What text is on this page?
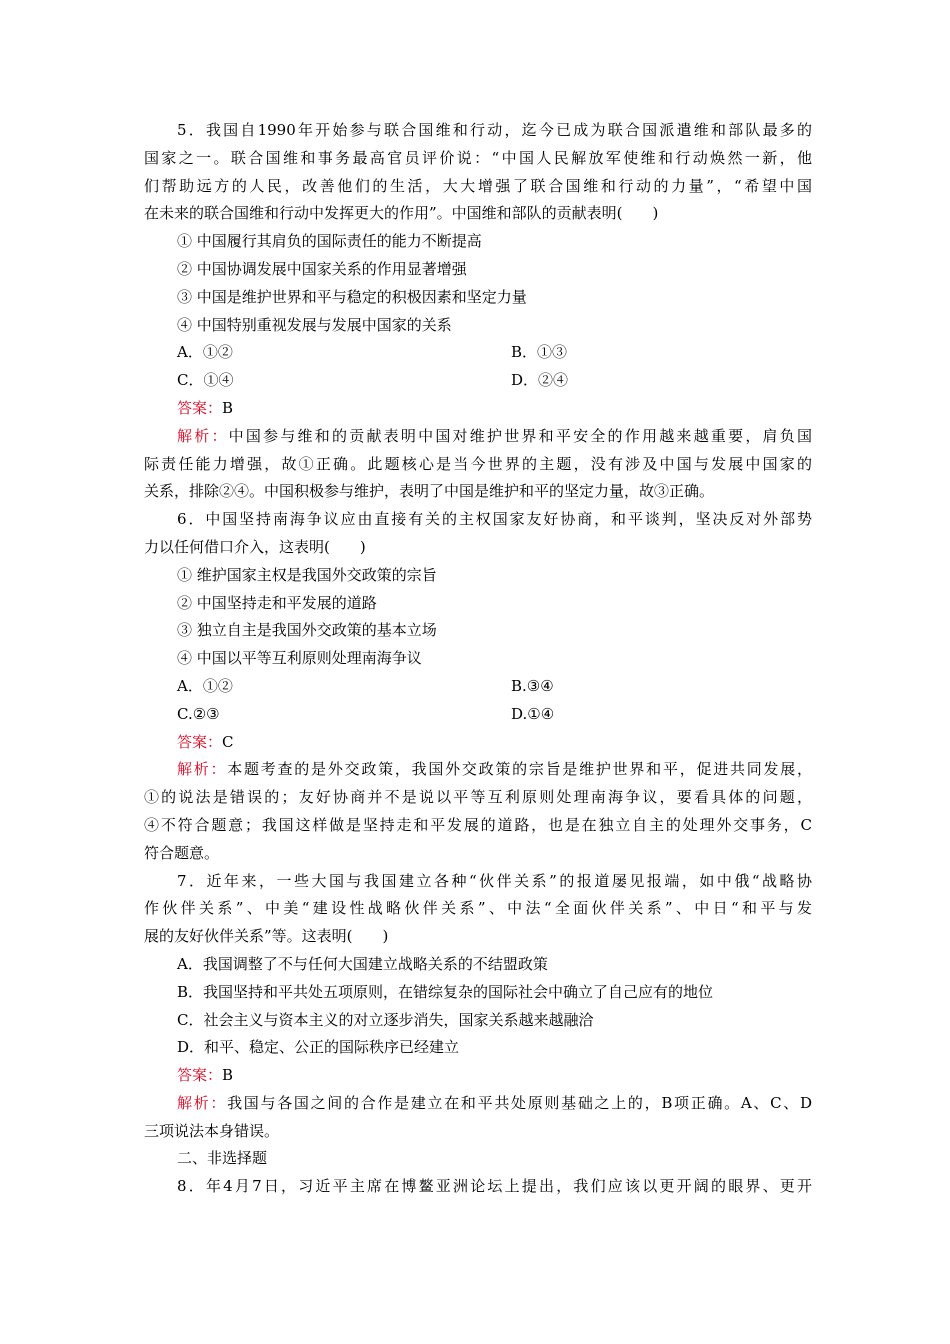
5．我国自1990年开始参与联合国维和行动，迄今已成为联合国派遣维和部队最多的
国家之一。联合国维和事务最高官员评价说：“中国人民解放军使维和行动焕然一新，他
们帮助远方的人民，改善他们的生活，大大增强了联合国维和行动的力量”，“希望中国
在未来的联合国维和行动中发挥更大的作用”。中国维和部队的贡献表明(　　)
① 中国履行其肩负的国际责任的能力不断提高
② 中国协调发展中国家关系的作用显著增强
③ 中国是维护世界和平与稳定的积极因素和坚定力量
④ 中国特别重视发展与发展中国家的关系
A．①②	B．①③
C．①④	D．②④
答案：B
解析：中国参与维和的贡献表明中国对维护世界和平安全的作用越来越重要，肩负国
际责任能力增强，故①正确。此题核心是当今世界的主题，没有涉及中国与发展中国家的
关系，排除②④。中国积极参与维护，表明了中国是维护和平的坚定力量，故③正确。
6．中国坚持南海争议应由直接有关的主权国家友好协商，和平谈判，坚决反对外部势
力以任何借口介入，这表明(　　)
① 维护国家主权是我国外交政策的宗旨
② 中国坚持走和平发展的道路
③ 独立自主是我国外交政策的基本立场
④ 中国以平等互利原则处理南海争议
A．①②	B.③④
C.②③	D.①④
答案：C
解析：本题考查的是外交政策，我国外交政策的宗旨是维护世界和平，促进共同发展，
①的说法是错误的；友好协商并不是说以平等互利原则处理南海争议，要看具体的问题，
④不符合题意；我国这样做是坚持走和平发展的道路，也是在独立自主的处理外交事务，C
符合题意。
7．近年来，一些大国与我国建立各种“伙伴关系”的报道屡见报端，如中俄“战略协
作伙伴关系”、中美“建设性战略伙伴关系”、中法“全面伙伴关系”、中日“和平与发
展的友好伙伴关系”等。这表明(　　)
A．我国调整了不与任何大国建立战略关系的不结盟政策
B．我国坚持和平共处五项原则，在错综复杂的国际社会中确立了自己应有的地位
C．社会主义与资本主义的对立逐步消失，国家关系越来越融洽
D．和平、稳定、公正的国际秩序已经建立
答案：B
解析：我国与各国之间的合作是建立在和平共处原则基础之上的，B项正确。A、C、D
三项说法本身错误。
二、非选择题
8．年4月7日，习近平主席在博鳌亚洲论坛上提出，我们应该以更开阔的眼界、更开
